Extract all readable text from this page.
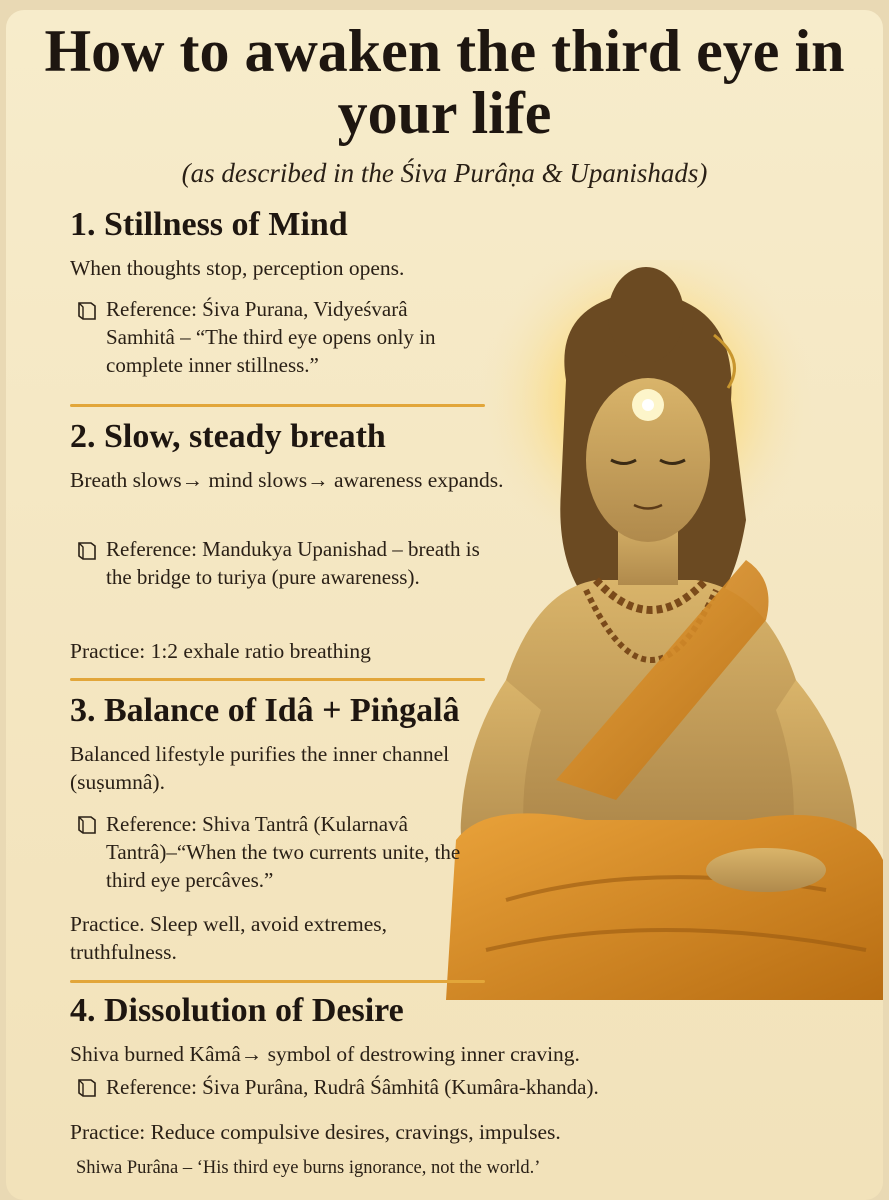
How to awaken the third eye in your life

(as described in the Śiva Purâṇa & Upanishads)

1. Stillness of Mind

When thoughts stop, perception opens.

Reference: Śiva Purana, Vidyeśvarâ Samhitâ – “The third eye opens only in complete inner stillness.”

2. Slow, steady breath

Breath slows→ mind slows→ awareness expands.

Reference: Mandukya Upanishad – breath is the bridge to turiya (pure awareness).

Practice: 1:2 exhale ratio breathing

3. Balance of Idâ + Piṅgalâ

Balanced lifestyle purifies the inner channel (suṣumnâ).

Reference: Shiva Tantrâ (Kularnavâ Tantrâ)–“When the two currents unite, the third eye percâves.”

Practice. Sleep well, avoid extremes, truthfulness.

4. Dissolution of Desire

Shiva burned Kâmâ→ symbol of destrowing inner craving.

Reference: Śiva Purâna, Rudrâ Śâmhitâ (Kumâra-khanda).

Practice: Reduce compulsive desires, cravings, impulses.

Shiwa Purâna – ‘His third eye burns ignorance, not the world.’
